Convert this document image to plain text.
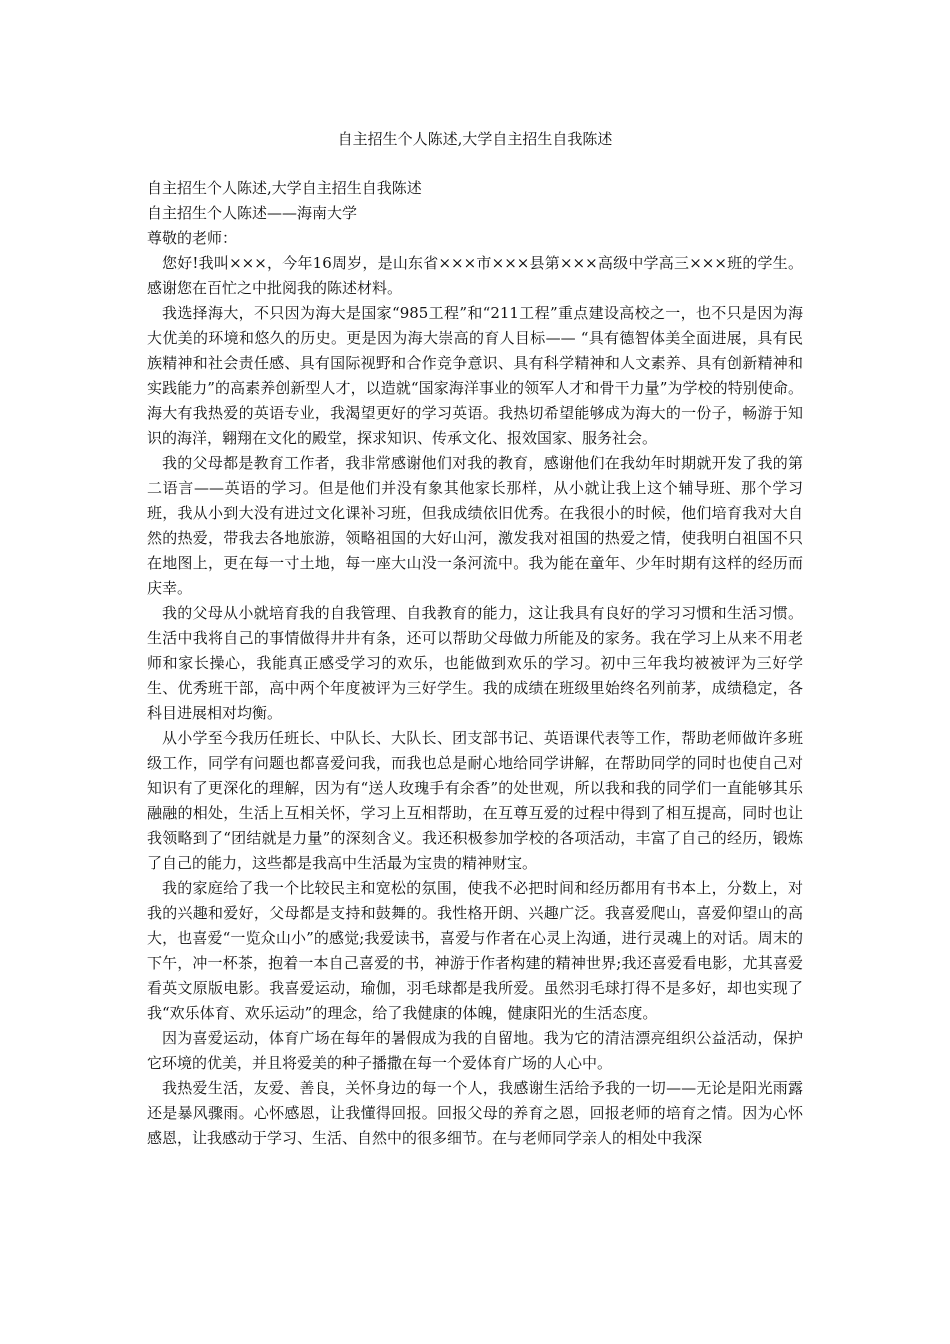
自主招生个人陈述,大学自主招生自我陈述

自主招生个人陈述,大学自主招生自我陈述

自主招生个人陈述——海南大学

尊敬的老师：

您好!我叫×××，今年16周岁，是山东省×××市×××县第×××高级中学高三×××班的学生。感谢您在百忙之中批阅我的陈述材料。

我选择海大，不只因为海大是国家“985工程”和“211工程”重点建设高校之一，也不只是因为海大优美的环境和悠久的历史。更是因为海大崇高的育人目标—— “具有德智体美全面进展，具有民族精神和社会责任感、具有国际视野和合作竞争意识、具有科学精神和人文素养、具有创新精神和实践能力”的高素养创新型人才，以造就“国家海洋事业的领军人才和骨干力量”为学校的特别使命。海大有我热爱的英语专业，我渴望更好的学习英语。我热切希望能够成为海大的一份子，畅游于知识的海洋，翱翔在文化的殿堂，探求知识、传承文化、报效国家、服务社会。

我的父母都是教育工作者，我非常感谢他们对我的教育，感谢他们在我幼年时期就开发了我的第二语言——英语的学习。但是他们并没有象其他家长那样，从小就让我上这个辅导班、那个学习班，我从小到大没有进过文化课补习班，但我成绩依旧优秀。在我很小的时候，他们培育我对大自然的热爱，带我去各地旅游，领略祖国的大好山河，激发我对祖国的热爱之情，使我明白祖国不只在地图上，更在每一寸土地，每一座大山没一条河流中。我为能在童年、少年时期有这样的经历而庆幸。

我的父母从小就培育我的自我管理、自我教育的能力，这让我具有良好的学习习惯和生活习惯。生活中我将自己的事情做得井井有条，还可以帮助父母做力所能及的家务。我在学习上从来不用老师和家长操心，我能真正感受学习的欢乐，也能做到欢乐的学习。初中三年我均被被评为三好学生、优秀班干部，高中两个年度被评为三好学生。我的成绩在班级里始终名列前茅，成绩稳定，各科目进展相对均衡。

从小学至今我历任班长、中队长、大队长、团支部书记、英语课代表等工作，帮助老师做许多班级工作，同学有问题也都喜爱问我，而我也总是耐心地给同学讲解，在帮助同学的同时也使自己对知识有了更深化的理解，因为有“送人玫瑰手有余香”的处世观，所以我和我的同学们一直能够其乐融融的相处，生活上互相关怀，学习上互相帮助，在互尊互爱的过程中得到了相互提高，同时也让我领略到了“团结就是力量”的深刻含义。我还积极参加学校的各项活动，丰富了自己的经历，锻炼了自己的能力，这些都是我高中生活最为宝贵的精神财宝。

我的家庭给了我一个比较民主和宽松的氛围，使我不必把时间和经历都用有书本上，分数上，对我的兴趣和爱好，父母都是支持和鼓舞的。我性格开朗、兴趣广泛。我喜爱爬山，喜爱仰望山的高大，也喜爱“一览众山小”的感觉;我爱读书，喜爱与作者在心灵上沟通，进行灵魂上的对话。周末的下午，冲一杯茶，抱着一本自己喜爱的书，神游于作者构建的精神世界;我还喜爱看电影，尤其喜爱看英文原版电影。我喜爱运动，瑜伽，羽毛球都是我所爱。虽然羽毛球打得不是多好，却也实现了我“欢乐体育、欢乐运动”的理念，给了我健康的体魄，健康阳光的生活态度。

因为喜爱运动，体育广场在每年的暑假成为我的自留地。我为它的清洁漂亮组织公益活动，保护它环境的优美，并且将爱美的种子播撒在每一个爱体育广场的人心中。

我热爱生活，友爱、善良，关怀身边的每一个人，我感谢生活给予我的一切——无论是阳光雨露还是暴风骤雨。心怀感恩，让我懂得回报。回报父母的养育之恩，回报老师的培育之情。因为心怀感恩，让我感动于学习、生活、自然中的很多细节。在与老师同学亲人的相处中我深
